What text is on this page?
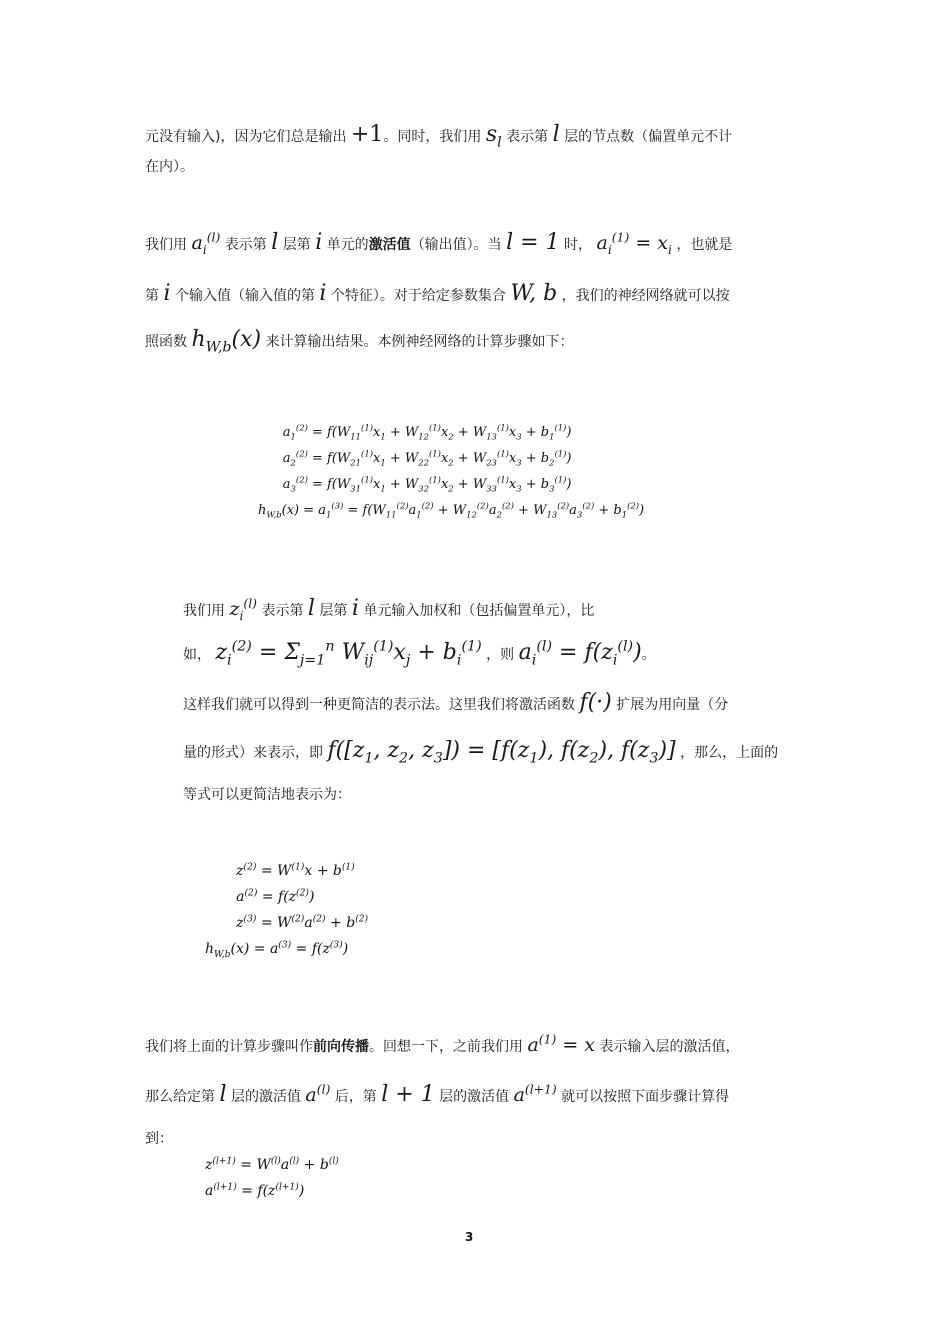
元没有输入)，因为它们总是输出 +1。同时，我们用 $s_l$ 表示第 l 层的节点数（偏置单元不计
在内）。
我们用 $a_i^{(l)}$ 表示第 l 层第 i 单元的激活值（输出值）。当 l = 1 时， $a_i^{(1)} = x_i$ ，也就是
第 i 个输入值（输入值的第 i 个特征）。对于给定参数集合 W, b ，我们的神经网络就可以按
照函数 $h_{W,b}(x)$ 来计算输出结果。本例神经网络的计算步骤如下：
$a_1^{(2)} = f(W_{11}^{(1)}x_1 + W_{12}^{(1)}x_2 + W_{13}^{(1)}x_3 + b_1^{(1)})$
$a_2^{(2)} = f(W_{21}^{(1)}x_1 + W_{22}^{(1)}x_2 + W_{23}^{(1)}x_3 + b_2^{(1)})$
$a_3^{(2)} = f(W_{31}^{(1)}x_1 + W_{32}^{(1)}x_2 + W_{33}^{(1)}x_3 + b_3^{(1)})$
$h_{W,b}(x) = a_1^{(3)} = f(W_{11}^{(2)}a_1^{(2)} + W_{12}^{(2)}a_2^{(2)} + W_{13}^{(2)}a_3^{(2)} + b_1^{(2)})$
我们用 $z_i^{(l)}$ 表示第 l 层第 i 单元输入加权和（包括偏置单元），比
如， $z_i^{(2)} = \Sigma_{j=1}^n$ $W_{ij}^{(1)}x_j + b_i^{(1)}$ ，则 $a_i^{(l)} = f(z_i^{(l)})$。
这样我们就可以得到一种更简洁的表示法。这里我们将激活函数 f(·) 扩展为用向量（分
量的形式）来表示，即 $f([z_1$, $z_2$, $z_3]) = [f(z_1)$, $f(z_2)$, $f(z_3)$] ，那么，上面的
等式可以更简洁地表示为：
$z^{(2)} = W^{(1)}x + b^{(1)}$
$a^{(2)} = f(z^{(2)})$
$z^{(3)} = W^{(2)}a^{(2)} + b^{(2)}$
$h_{W,b}(x) = a^{(3)} = f(z^{(3)})$
我们将上面的计算步骤叫作前向传播。回想一下，之前我们用 $a^{(1)} = x$ 表示输入层的激活值，
那么给定第 l 层的激活值 $a^{(l)}$ 后，第 l + 1 层的激活值 $a^{(l+1)}$ 就可以按照下面步骤计算得
到：
$z^{(l+1)} = W^{(l)}a^{(l)} + b^{(l)}$
$a^{(l+1)} = f(z^{(l+1)})$
3
